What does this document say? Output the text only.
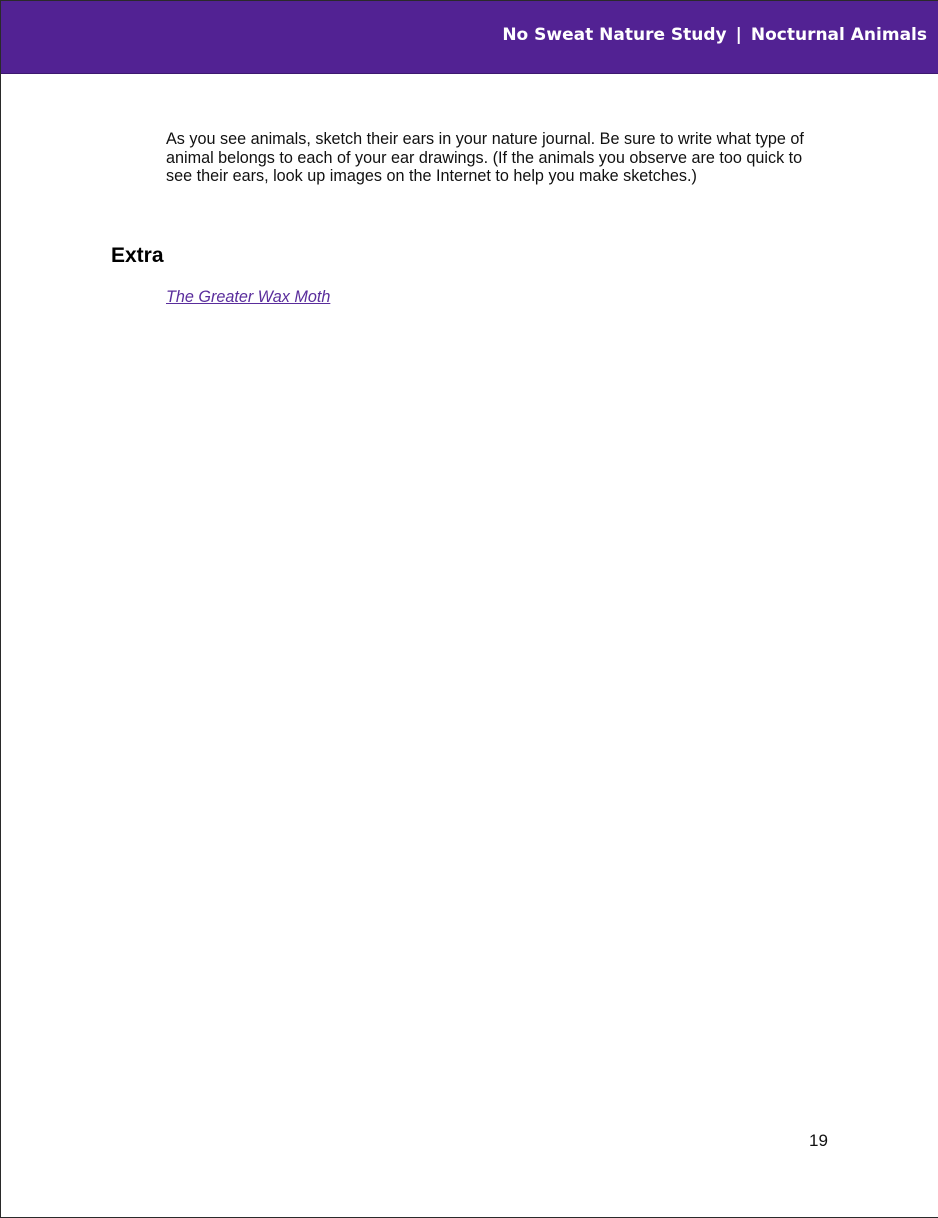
No Sweat Nature Study | Nocturnal Animals

As you see animals, sketch their ears in your nature journal. Be sure to write what type of animal belongs to each of your ear drawings. (If the animals you observe are too quick to see their ears, look up images on the Internet to help you make sketches.)

Extra
The Greater Wax Moth
19
